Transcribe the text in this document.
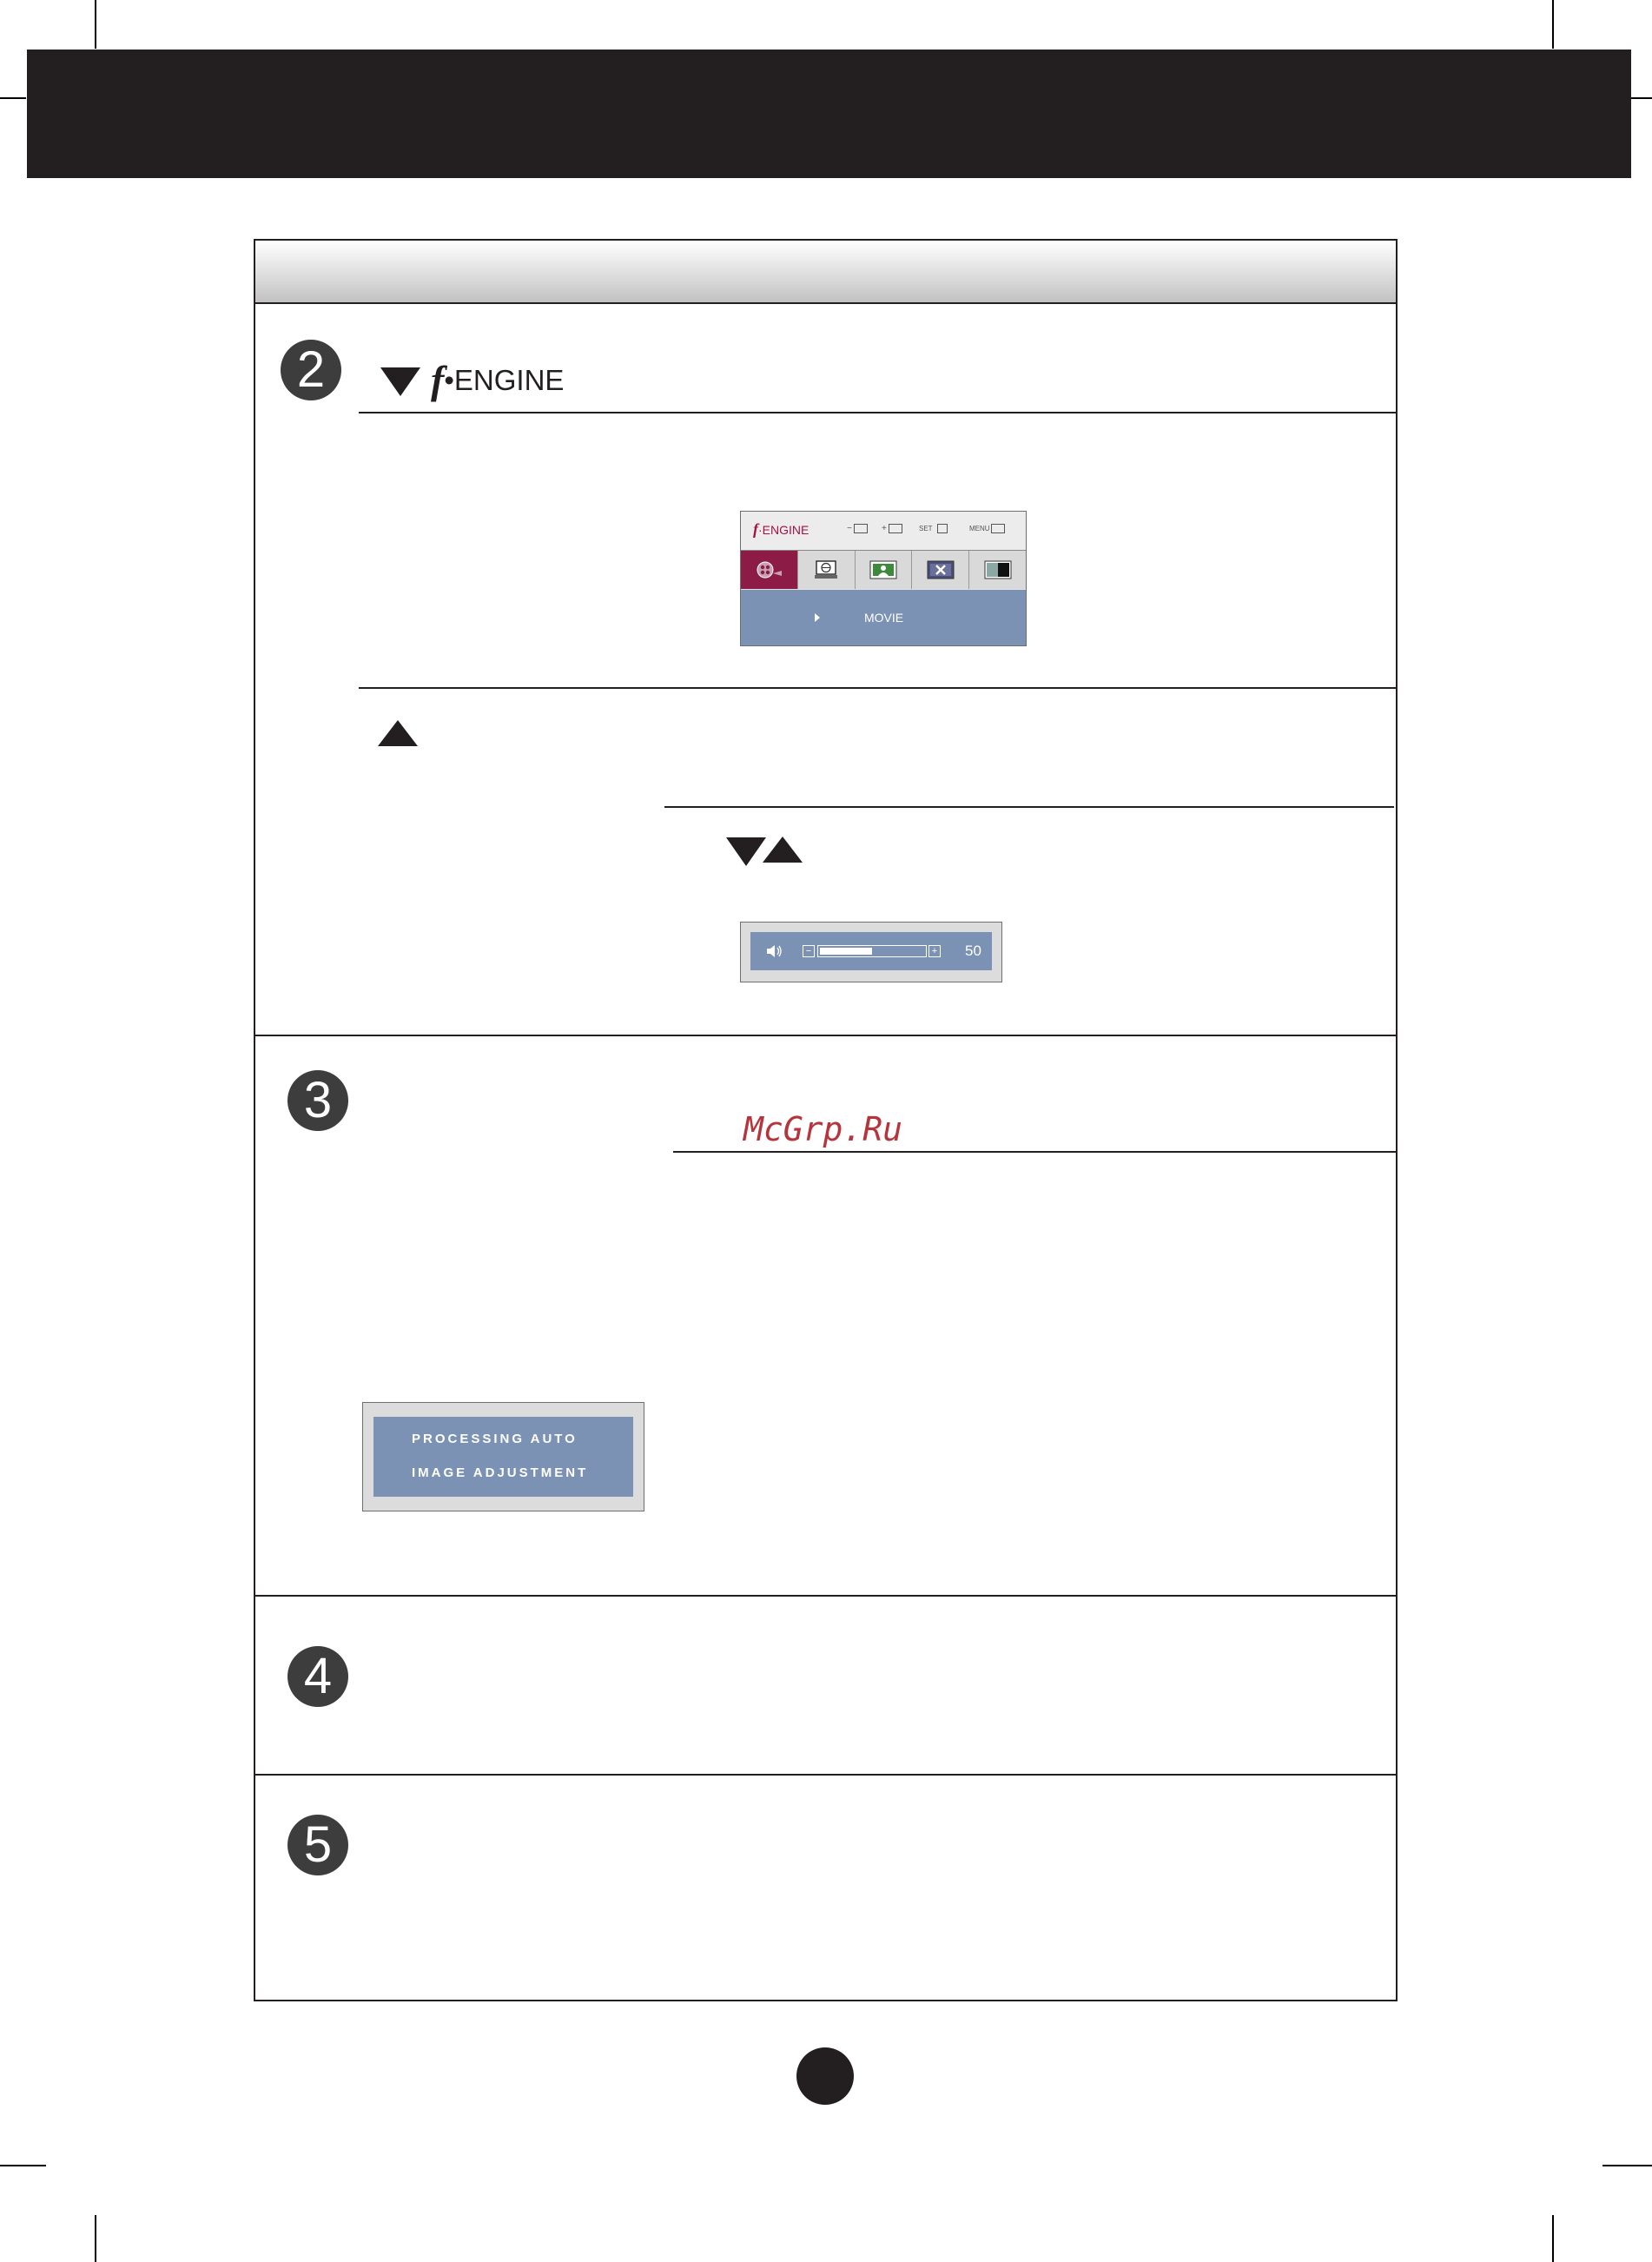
2	f • ENGINE
f·ENGINE	−	+	SET	MENU
MOVIE
−	+ 50
3
McGrp.Ru
PROCESSING AUTO
IMAGE ADJUSTMENT
4
5
